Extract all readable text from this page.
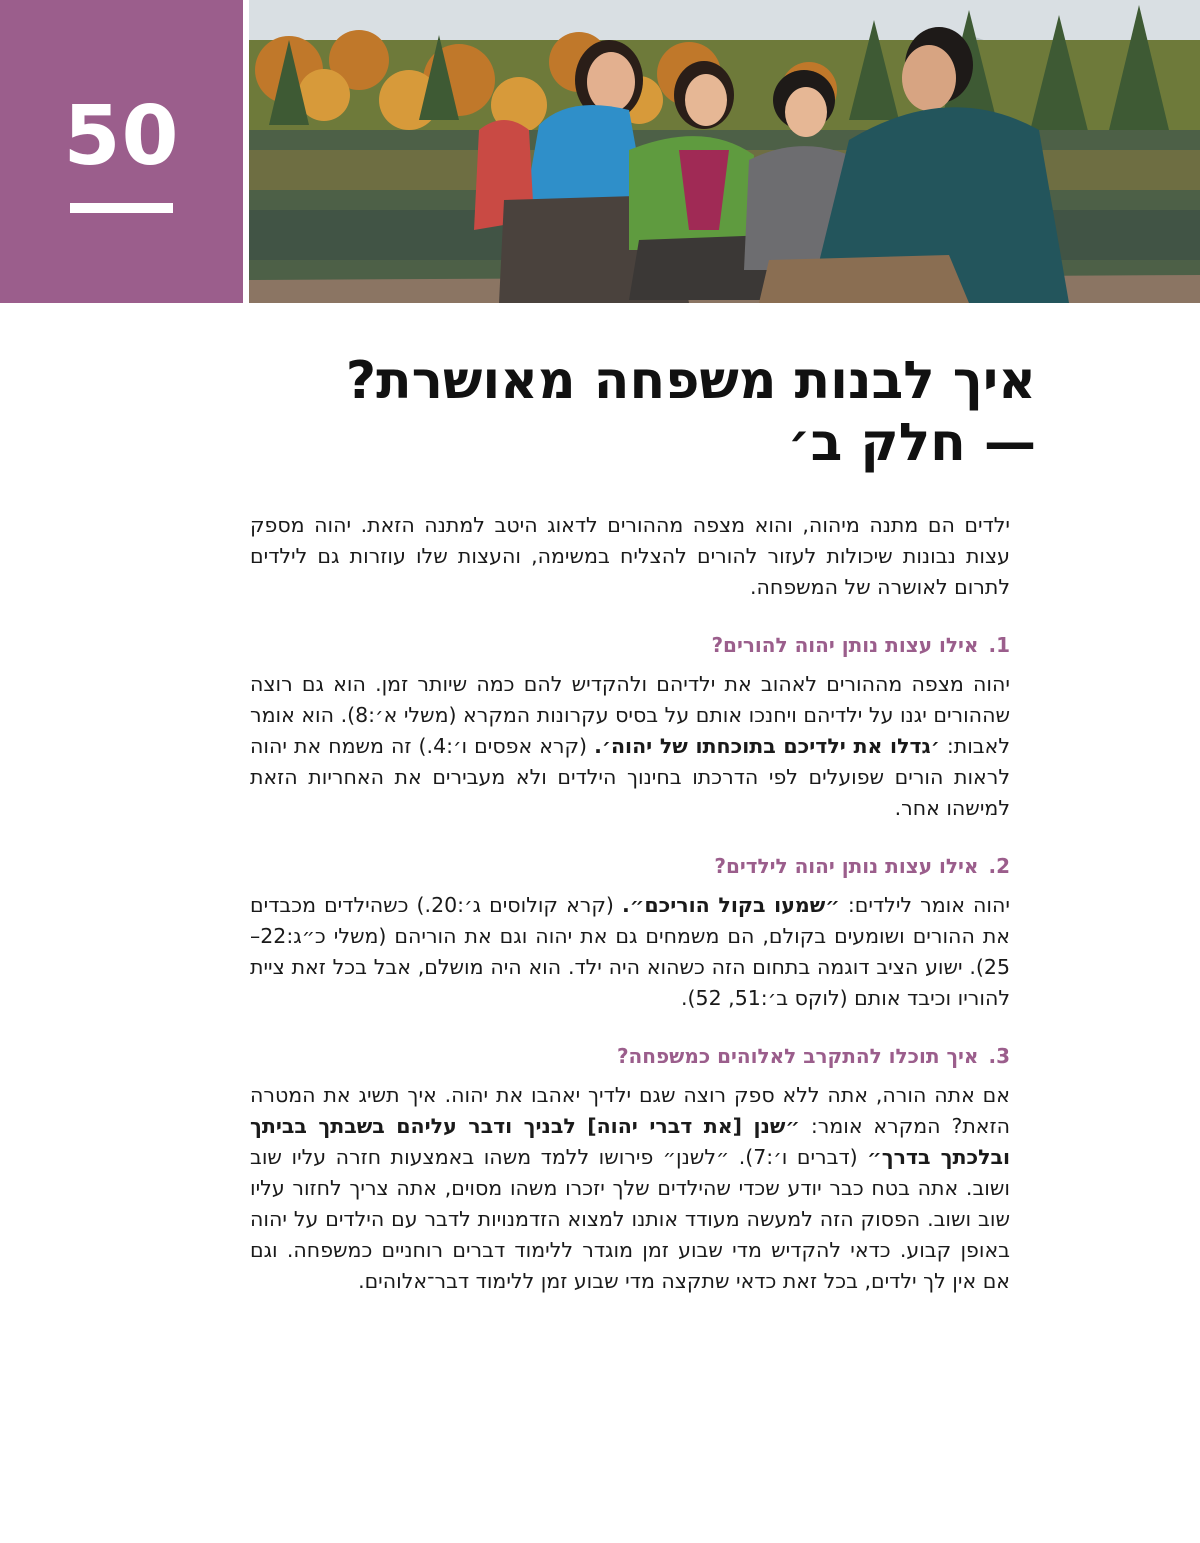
50
איך לבנות משפחה מאושרת?
— חלק ב׳

ילדים הם מתנה מיהוה, והוא מצפה מההורים לדאוג היטב למתנה הזאת. יהוה מספק עצות נבונות שיכולות לעזור להורים להצליח במשימה, והעצות שלו עוזרות גם לילדים לתרום לאושרה של המשפחה.

1.אילו עצות נותן יהוה להורים?

יהוה מצפה מההורים לאהוב את ילדיהם ולהקדיש להם כמה שיותר זמן. הוא גם רוצה שההורים יגנו על ילדיהם ויחנכו אותם על בסיס עקרונות המקרא (משלי א׳:8). הוא אומר לאבות: ׳גדלו את ילדיכם בתוכחתו של יהוה׳. (קרא אפסים ו׳:4.) זה משמח את יהוה לראות הורים שפועלים לפי הדרכתו בחינוך הילדים ולא מעבירים את האחריות הזאת למישהו אחר.

2.אילו עצות נותן יהוה לילדים?

יהוה אומר לילדים: ״שמעו בקול הוריכם״. (קרא קולוסים ג׳:20.) כשהילדים מכבדים את ההורים ושומעים בקולם, הם משמחים גם את יהוה וגם את הוריהם (משלי כ״ג:22–25). ישוע הציב דוגמה בתחום הזה כשהוא היה ילד. הוא היה מושלם, אבל בכל זאת ציית להוריו וכיבד אותם (לוקס ב׳:51, 52).

3.איך תוכלו להתקרב לאלוהים כמשפחה?

אם אתה הורה, אתה ללא ספק רוצה שגם ילדיך יאהבו את יהוה. איך תשיג את המטרה הזאת? המקרא אומר: ״שנן [את דברי יהוה] לבניך ודבר עליהם בשבתך בביתך ובלכתך בדרך״ (דברים ו׳:7). ״לשנן״ פירושו ללמד משהו באמצעות חזרה עליו שוב ושוב. אתה בטח כבר יודע שכדי שהילדים שלך יזכרו משהו מסוים, אתה צריך לחזור עליו שוב ושוב. הפסוק הזה למעשה מעודד אותנו למצוא הזדמנויות לדבר עם הילדים על יהוה באופן קבוע. כדאי להקדיש מדי שבוע זמן מוגדר ללימוד דברים רוחניים כמשפחה. וגם אם אין לך ילדים, בכל זאת כדאי שתקצה מדי שבוע זמן ללימוד דבר־אלוהים.
